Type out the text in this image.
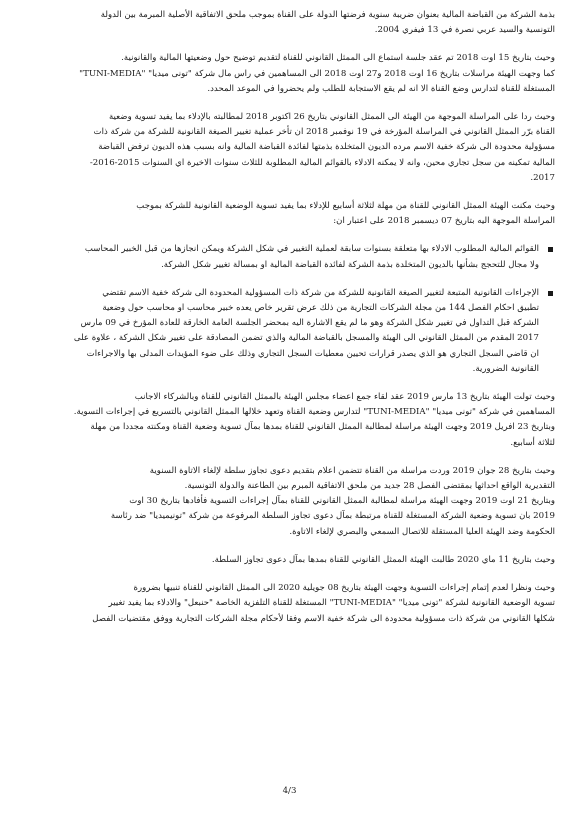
بذمة الشركة من القباضة المالية بعنوان ضريبة سنوية فرضتها الدولة على القناة بموجب ملحق الاتفاقية الأصلية المبرمة بين الدولة
التونسية والسيد عربي نصرة في 13 فيفري 2004.
وحيث بتاريخ 15 اوت 2018 تم عقد جلسة استماع الى الممثل القانوني للقناة لتقديم توضيح حول وضعيتها المالية والقانونية.
كما وجهت الهيئة مراسلات بتاريخ 16 اوت 2018 و27 اوت 2018 الى المساهمين في راس مال شركة "تونى ميديا" "TUNI-MEDIA"
المستغلة للقناة لتدارس وضع القناة الا انه لم يقع الاستجابة للطلب ولم يحضروا في الموعد المحدد.
وحيث ردا على المراسلة الموجهة من الهيئة الى الممثل القانوني بتاريخ 26 اكتوبر 2018 لمطالبته بالإدلاء بما يفيد تسوية وضعية
القناة برّر الممثل القانوني في المراسلة المؤرخة في 19 نوفمبر 2018 ان تأخر عملية تغيير الصيغة القانونية للشركة من شركة ذات
مسؤولية محدودة الى شركة خفية الاسم مرده الديون المتخلدة بذمتها لفائدة القباضة المالية وانه بسبب هذه الديون ترفض القباضة
المالية تمكينه من سجل تجاري محين، وانه لا يمكنه الادلاء بالقوائم المالية المطلوبة للثلاث سنوات الاخيرة اي السنوات 2015-2016-
2017.
وحيث مكنت الهيئة الممثل القانوني للقناة من مهلة لثلاثة أسابيع للإدلاء بما يفيد تسوية الوضعية القانونية للشركة بموجب
المراسلة الموجهة اليه بتاريخ 07 ديسمبر 2018 على اعتبار ان:
القوائم المالية المطلوب الادلاء بها متعلقة بسنوات سابقة لعملية التغيير في شكل الشركة ويمكن انجازها من قبل الخبير المحاسب
ولا مجال للتحجج بشأنها بالديون المتخلدة بذمة الشركة لفائدة القباضة المالية او بمسالة تغيير شكل الشركة.
الإجراءات القانونية المتبعة لتغيير الصيغة القانونية للشركة من شركة ذات المسؤولية المحدودة الى شركة خفية الاسم تقتضي
تطبيق احكام الفصل 144 من مجلة الشركات التجارية من ذلك عرض تقرير خاص يعده خبير محاسب او محاسب حول وضعية
الشركة قبل التداول في تغيير شكل الشركة وهو ما لم يقع الاشارة اليه بمحضر الجلسة العامة الخارقة للعادة المؤرخ في 09 مارس
2017 المقدم من الممثل القانوني الى الهيئة والمسجل بالقباضة المالية والذي تضمن المصادقة على تغيير شكل الشركة ، علاوة على
ان قاضي السجل التجاري هو الذي يصدر قرارات تحيين معطيات السجل التجاري وذلك على ضوء المؤيدات المدلى بها والاجراءات
القانونية الضرورية.
وحيث تولت الهيئة بتاريخ 13 مارس 2019 عقد لقاء جمع اعضاء مجلس الهيئة بالممثل القانوني للقناة وبالشركاء الاجانب
المساهمين في شركة "تونى ميديا" "TUNI-MEDIA" لتدارس وضعية القناة وتعهد خلالها الممثل القانوني بالتسريع في إجراءات التسوية.
وبتاريخ 23 افريل 2019 وجهت الهيئة مراسلة لمطالبة الممثل القانوني للقناة بمدها بمآل تسوية وضعية القناة ومكنته مجددا من مهلة
لثلاثة أسابيع.
وحيث بتاريخ 28 جوان 2019 وردت مراسلة من القناة تتضمن اعلام بتقديم دعوى تجاوز سلطة لإلغاء الاتاوة السنوية
التقديرية الواقع احداثها بمقتضى الفصل 28 جديد من ملحق الاتفاقية المبرم بين الطاعنة والدولة التونسية.
وبتاريخ 21 اوت 2019 وجهت الهيئة مراسلة لمطالبة الممثل القانوني للقناة بمآل إجراءات التسوية فأفادها بتاريخ 30 اوت
2019 بان تسوية وضعية الشركة المستغلة للقناة مرتبطة بمآل دعوى تجاوز السلطة المرفوعة من شركة "تونيميديا" ضد رئاسة
الحكومة وضد الهيئة العليا المستقلة للاتصال السمعي والبصري لإلغاء الاتاوة.
وحيث بتاريخ 11 ماي 2020 طالبت الهيئة الممثل القانوني للقناة بمدها بمآل دعوى تجاوز السلطة.
وحيث ونظرا لعدم إتمام إجراءات التسوية وجهت الهيئة بتاريخ 08 جويلية 2020 الى الممثل القانوني للقناة تنبيها بضرورة
تسوية الوضعية القانونية لشركة "تونى ميديا" "TUNI-MEDIA" المستغلة للقناة التلفزية الخاصة "حنبعل" والادلاء بما يفيد تغيير
شكلها القانوني من شركة ذات مسؤولية محدودة الى شركة خفية الاسم وفقا لأحكام مجلة الشركات التجارية ووفق مقتضيات الفصل
4/3
